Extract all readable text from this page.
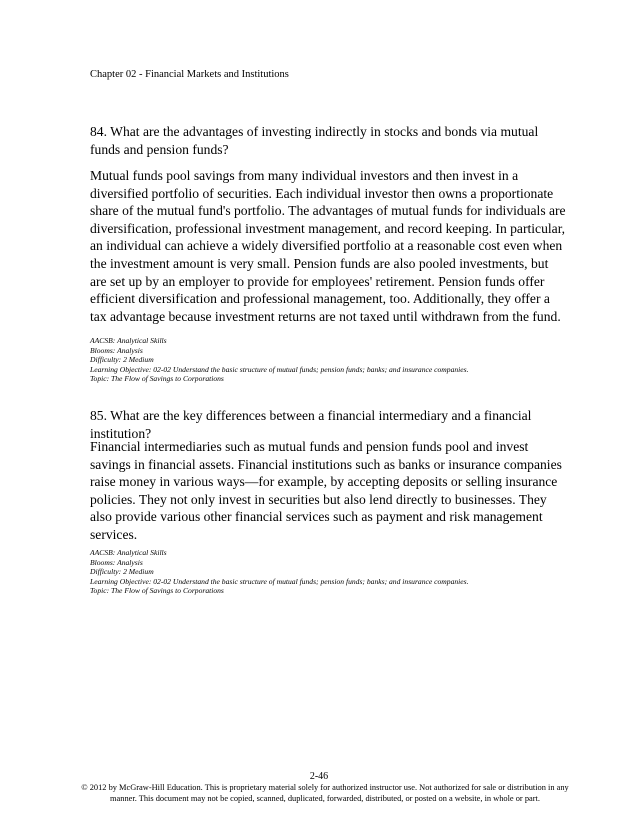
Chapter 02 - Financial Markets and Institutions
84. What are the advantages of investing indirectly in stocks and bonds via mutual funds and pension funds?
Mutual funds pool savings from many individual investors and then invest in a diversified portfolio of securities. Each individual investor then owns a proportionate share of the mutual fund's portfolio. The advantages of mutual funds for individuals are diversification, professional investment management, and record keeping. In particular, an individual can achieve a widely diversified portfolio at a reasonable cost even when the investment amount is very small. Pension funds are also pooled investments, but are set up by an employer to provide for employees' retirement. Pension funds offer efficient diversification and professional management, too. Additionally, they offer a tax advantage because investment returns are not taxed until withdrawn from the fund.
AACSB: Analytical Skills
Blooms: Analysis
Difficulty: 2 Medium
Learning Objective: 02-02 Understand the basic structure of mutual funds; pension funds; banks; and insurance companies.
Topic: The Flow of Savings to Corporations
85. What are the key differences between a financial intermediary and a financial institution?
Financial intermediaries such as mutual funds and pension funds pool and invest savings in financial assets. Financial institutions such as banks or insurance companies raise money in various ways—for example, by accepting deposits or selling insurance policies. They not only invest in securities but also lend directly to businesses. They also provide various other financial services such as payment and risk management services.
AACSB: Analytical Skills
Blooms: Analysis
Difficulty: 2 Medium
Learning Objective: 02-02 Understand the basic structure of mutual funds; pension funds; banks; and insurance companies.
Topic: The Flow of Savings to Corporations
2-46
© 2012 by McGraw-Hill Education. This is proprietary material solely for authorized instructor use. Not authorized for sale or distribution in any manner. This document may not be copied, scanned, duplicated, forwarded, distributed, or posted on a website, in whole or part.
